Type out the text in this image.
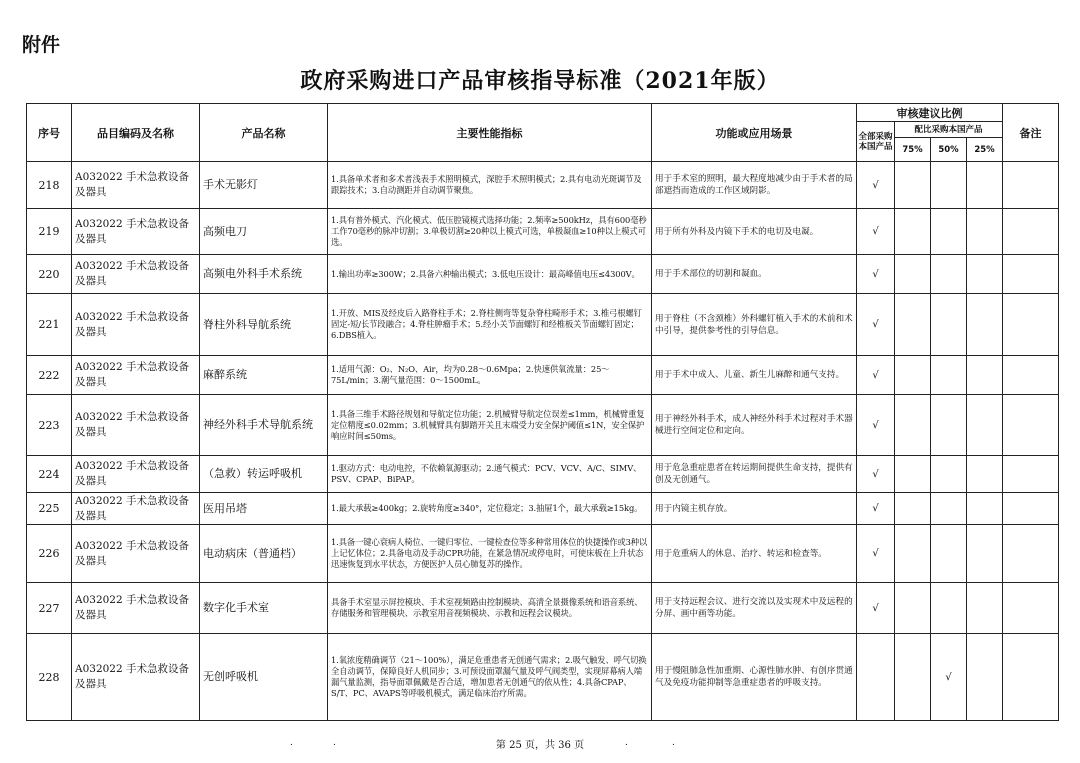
附件
政府采购进口产品审核指导标准（2021年版）
序号	品目编码及名称	产品名称	主要性能指标	功能或应用场景	审核建议比例				备注
					全部采购本国产品	配比采购本国产品			
						75%	50%	25%	
218	A032022 手术急救设备及器具	手术无影灯	1.具备单术者和多术者浅表手术照明模式，深腔手术照明模式；2.具有电动光斑调节及跟踪技术；3.自动测距并自动调节聚焦。	用于手术室的照明，最大程度地减少由于手术者的局部遮挡而造成的工作区域阴影。	√				
219	A032022 手术急救设备及器具	高频电刀	1.具有普外模式、汽化模式、低压腔镜模式选择功能；2.频率≥500kHz，具有600毫秒工作70毫秒的脉冲切割；3.单极切割≥20种以上模式可选，单极凝血≥10种以上模式可选。	用于所有外科及内镜下手术的电切及电凝。	√				
220	A032022 手术急救设备及器具	高频电外科手术系统	1.输出功率≥300W；2.具备六种输出模式；3.低电压设计：最高峰值电压≤4300V。	用于手术部位的切割和凝血。	√				
221	A032022 手术急救设备及器具	脊柱外科导航系统	1.开放、MIS及经皮后入路脊柱手术；2.脊柱侧弯等复杂脊柱畸形手术；3.椎弓根螺钉固定-短/长节段融合；4.脊柱肿瘤手术；5.经小关节面螺钉和经椎板关节面螺钉固定；6.DBS植入。	用于脊柱（不含颈椎）外科螺钉植入手术的术前和术中引导，提供参考性的引导信息。	√				
222	A032022 手术急救设备及器具	麻醉系统	1.适用气源：O₂、N₂O、Air，均为0.28～0.6Mpa；2.快速供氧流量：25～75L/min；3.潮气量范围：0～1500mL。	用于手术中成人、儿童、新生儿麻醉和通气支持。	√				
223	A032022 手术急救设备及器具	神经外科手术导航系统	1.具备三维手术路径规划和导航定位功能；2.机械臂导航定位误差≤1mm，机械臂重复定位精度≤0.02mm；3.机械臂具有脚踏开关且末端受力安全保护阈值≤1N，安全保护响应时间≤50ms。	用于神经外科手术，成人神经外科手术过程对手术器械进行空间定位和定向。	√				
224	A032022 手术急救设备及器具	（急救）转运呼吸机	1.驱动方式：电动电控，不依赖氧源驱动；2.通气模式：PCV、VCV、A/C、SIMV、PSV、CPAP、BiPAP。	用于危急重症患者在转运期间提供生命支持，提供有创及无创通气。	√				
225	A032022 手术急救设备及器具	医用吊塔	1.最大承载≥400kg；2.旋转角度≥340°，定位稳定；3.抽屉1个，最大承载≥15kg。	用于内镜主机存放。	√				
226	A032022 手术急救设备及器具	电动病床（普通档）	1.具备一键心衰病人椅位、一键归零位、一键检查位等多种常用体位的快捷操作或3种以上记忆体位；2.具备电动及手动CPR功能，在紧急情况或停电时，可使床板在上升状态迅速恢复到水平状态，方便医护人员心肺复苏的操作。	用于危重病人的休息、治疗、转运和检查等。	√				
227	A032022 手术急救设备及器具	数字化手术室	具备手术室显示屏控模块、手术室视频路由控制模块、高清全景摄像系统和语音系统、存储服务和管理模块、示教室用音视频模块、示教和远程会议模块。	用于支持远程会议、进行交流以及实现术中及远程的分屏、画中画等功能。	√				
228	A032022 手术急救设备及器具	无创呼吸机	1.氧浓度精确调节（21～100%），满足危重患者无创通气需求；2.吸气触发、呼气切换全自动调节，保障良好人机同步；3.可预设面罩漏气量及呼气阀类型，实现屏幕病人端漏气量监测，指导面罩佩戴是否合适，增加患者无创通气的依从性；4.具备CPAP、S/T、PC、AVAPS等呼吸机模式，满足临床治疗所需。	用于慢阻肺急性加重期、心源性肺水肿、有创序贯通气及免疫功能抑制等急重症患者的呼吸支持。			√		
.	.	第 25 页，共 36 页	.	.
